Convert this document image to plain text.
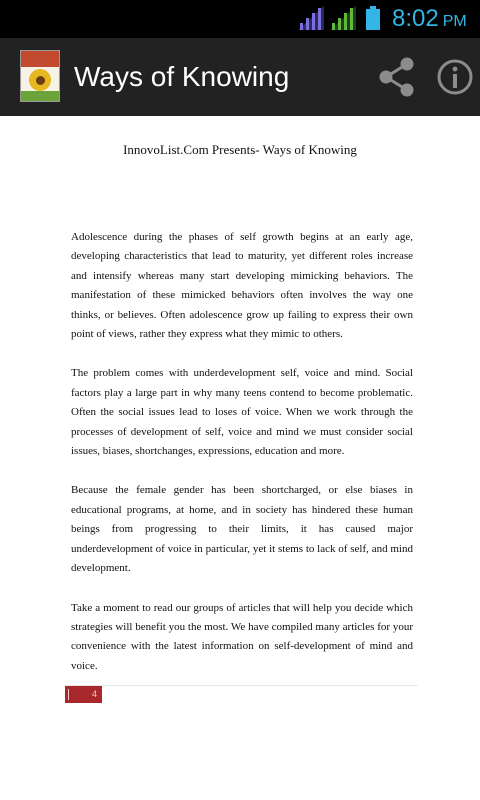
8:02 PM
Ways of Knowing
InnovoList.Com Presents- Ways of Knowing

Adolescence during the phases of self growth begins at an early age, developing characteristics that lead to maturity, yet different roles increase and intensify whereas many start developing mimicking behaviors. The manifestation of these mimicked behaviors often involves the way one thinks, or believes. Often adolescence grow up failing to express their own point of views, rather they express what they mimic to others.

The problem comes with underdevelopment self, voice and mind. Social factors play a large part in why many teens contend to become problematic. Often the social issues lead to loses of voice. When we work through the processes of development of self, voice and mind we must consider social issues, biases, shortchanges, expressions, education and more.

Because the female gender has been shortcharged, or else biases in educational programs, at home, and in society has hindered these human beings from progressing to their limits, it has caused major underdevelopment of voice in particular, yet it stems to lack of self, and mind development.

Take a moment to read our groups of articles that will help you decide which strategies will benefit you the most. We have compiled many articles for your convenience with the latest information on self-development of mind and voice.

4
